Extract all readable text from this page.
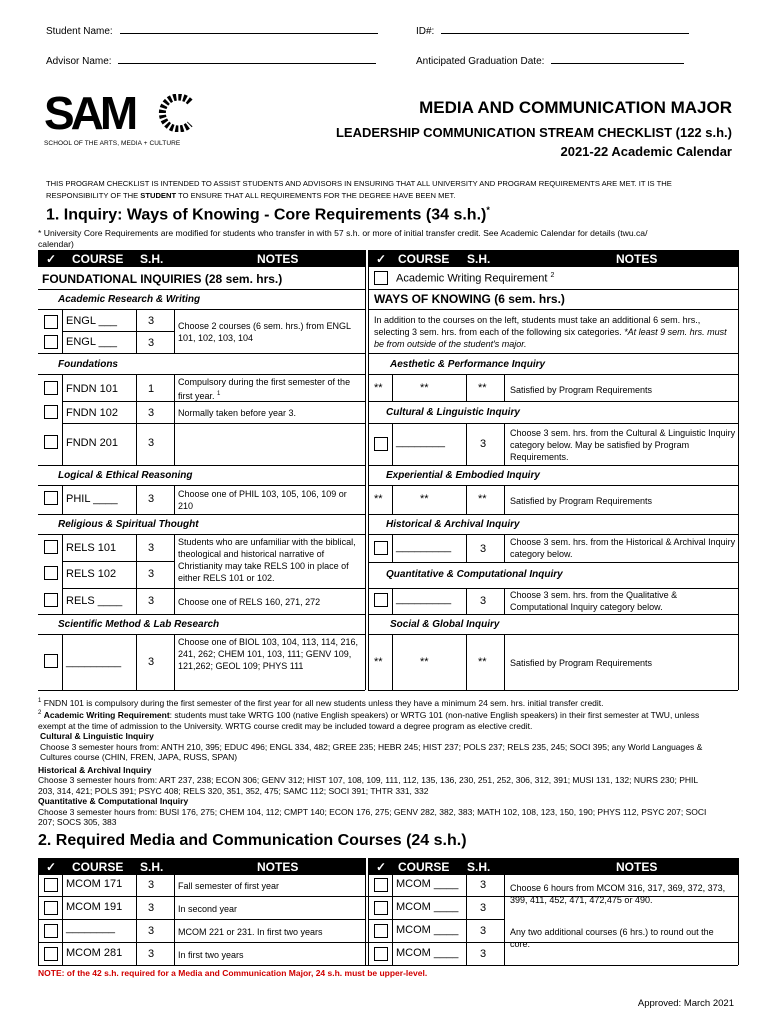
Student Name:	ID#:
Advisor Name:	Anticipated Graduation Date:
SAM
SCHOOL OF THE ARTS, MEDIA + CULTURE
MEDIA AND COMMUNICATION MAJOR
LEADERSHIP COMMUNICATION STREAM CHECKLIST (122 s.h.)
2021-22 Academic Calendar
THIS PROGRAM CHECKLIST IS INTENDED TO ASSIST STUDENTS AND ADVISORS IN ENSURING THAT ALL UNIVERSITY AND PROGRAM REQUIREMENTS ARE MET. IT IS THE
RESPONSIBILITY OF THE STUDENT TO ENSURE THAT ALL REQUIREMENTS FOR THE DEGREE HAVE BEEN MET.
1. Inquiry: Ways of Knowing - Core Requirements (34 s.h.)*
* University Core Requirements are modified for students who transfer in with 57 s.h. or more of initial transfer credit. See Academic Calendar for details (twu.ca/
calendar)
✓ COURSE S.H.	NOTES	✓ COURSE S.H.	NOTES
FOUNDATIONAL INQUIRIES (28 sem. hrs.)
Academic Research & Writing
ENGL ___	3
ENGL ___	3
Choose 2 courses (6 sem. hrs.) from ENGL 101, 102, 103, 104
Foundations
FNDN 101	1
Compulsory during the first semester of the first year. $^1$
FNDN 102	3	Normally taken before year 3.
FNDN 201	3
Logical & Ethical Reasoning
PHIL ____	3	Choose one of PHIL 103, 105, 106, 109 or 210
Religious & Spiritual Thought
RELS 101	3
RELS 102	3
Students who are unfamiliar with the biblical, theological and historical narrative of Christianity may take RELS 100 in place of either RELS 101 or 102.
RELS ____ 3	Choose one of RELS 160, 271, 272
Scientific Method & Lab Research
_________ 3
Choose one of BIOL 103, 104, 113, 114, 216, 241, 262; CHEM 101, 103, 111; GENV 109, 121,262; GEOL 109; PHYS 111
Academic Writing Requirement $^2$
WAYS OF KNOWING (6 sem. hrs.)
In addition to the courses on the left, students must take an additional 6 sem. hrs., selecting 3 sem. hrs. from each of the following six categories. *At least 9 sem. hrs. must be from outside of the student's major.
Aesthetic & Performance Inquiry
**	**	**	Satisfied by Program Requirements
Cultural & Linguistic Inquiry
________	3
Choose 3 sem. hrs. from the Cultural & Linguistic Inquiry category below. May be satisfied by Program Requirements.
Experiential & Embodied Inquiry
**	**	**	Satisfied by Program Requirements
Historical & Archival Inquiry
_________	3
Choose 3 sem. hrs. from the Historical & Archival Inquiry category below.
Quantitative & Computational Inquiry
_________	3	Choose 3 sem. hrs. from the Qualitative & Computational Inquiry category below.
Social & Global Inquiry
**	**	**	Satisfied by Program Requirements
$^1$ FNDN 101 is compulsory during the first semester of the first year for all new students unless they have a minimum 24 sem. hrs. initial transfer credit.
$^2$ Academic Writing Requirement: students must take WRTG 100 (native English speakers) or WRTG 101 (non-native English speakers) in their first semester at TWU, unless
exempt at the time of admission to the University. WRTG course credit may be included toward a degree program as elective credit.
Cultural & Linguistic Inquiry
Choose 3 semester hours from: ANTH 210, 395; EDUC 496; ENGL 334, 482; GREE 235; HEBR 245; HIST 237; POLS 237; RELS 235, 245; SOCI 395; any World Languages &
Cultures course (CHIN, FREN, JAPA, RUSS, SPAN)
Historical & Archival Inquiry
Choose 3 semester hours from: ART 237, 238; ECON 306; GENV 312; HIST 107, 108, 109, 111, 112, 135, 136, 230, 251, 252, 306, 312, 391; MUSI 131, 132; NURS 230; PHIL
203, 314, 421; POLS 391; PSYC 408; RELS 320, 351, 352, 475; SAMC 112; SOCI 391; THTR 331, 332
Quantitative & Computational Inquiry
Choose 3 semester hours from: BUSI 176, 275; CHEM 104, 112; CMPT 140; ECON 176, 275; GENV 282, 382, 383; MATH 102, 108, 123, 150, 190; PHYS 112, PSYC 207; SOCI
207; SOCS 305, 383
2. Required Media and Communication Courses (24 s.h.)
✓ COURSE S.H.	NOTES	✓ COURSE S.H.	NOTES
MCOM 171 3	Fall semester of first year
MCOM 191 3	In second year
________	3	MCOM 221 or 231. In first two years
MCOM 281 3	In first two years
MCOM ____ 3
MCOM ____ 3
MCOM ____ 3
MCOM ____ 3
Choose 6 hours from MCOM 316, 317, 369, 372, 373, 399, 411, 452, 471, 472,475 or 490.
Any two additional courses (6 hrs.) to round out the core.
NOTE: of the 42 s.h. required for a Media and Communication Major, 24 s.h. must be upper-level.
Approved: March 2021
